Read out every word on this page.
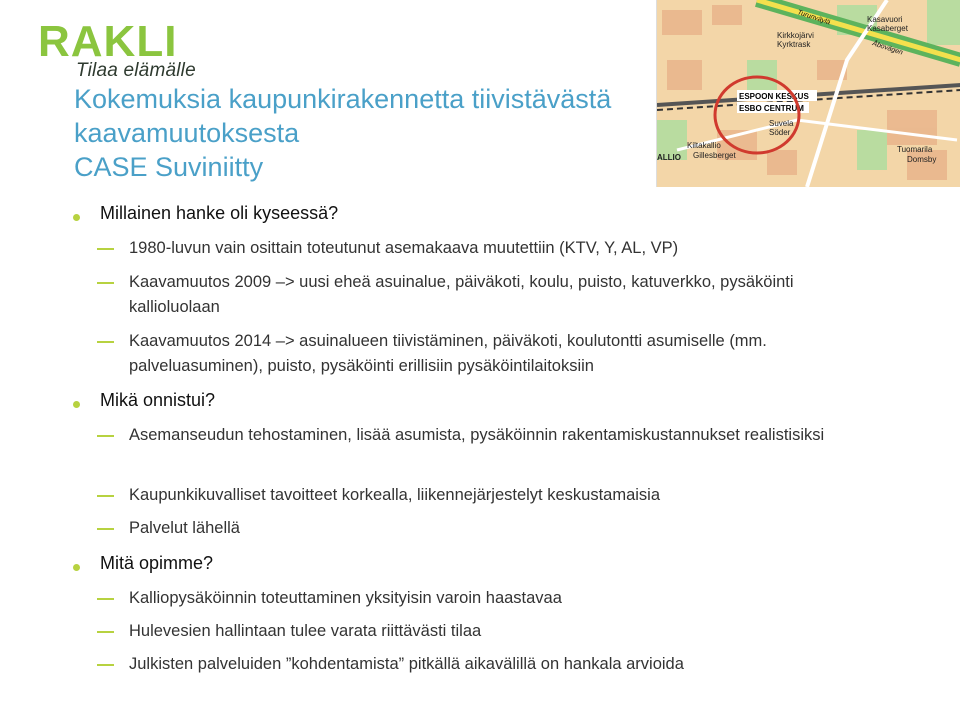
RAKLI
Tilaa elämälle
Kokemuksia kaupunkirakennetta tiivistävästä
kaavamuutoksesta
CASE Suviniitty
ESPOON KESKUS
ESBO CENTRUM
Kirkkojärvi
Kyrktrask
Kasavuori
Kasaberget
Suvela
Söder
Kiltakallio
Gillesberget
Tuomarila
Domsby
ALLIO
Turunväylä
Åbovägen
Millainen hanke oli kyseessä?
1980-luvun vain osittain toteutunut asemakaava muutettiin (KTV, Y, AL, VP)
Kaavamuutos 2009 –> uusi eheä asuinalue, päiväkoti, koulu, puisto, katuverkko, pysäköinti kallioluolaan
Kaavamuutos 2014 –> asuinalueen tiivistäminen, päiväkoti, koulutontti asumiselle (mm. palveluasuminen), puisto, pysäköinti erillisiin pysäköintilaitoksiin
Mikä onnistui?
Asemanseudun tehostaminen, lisää asumista, pysäköinnin rakentamiskustannukset realistisiksi
Kaupunkikuvalliset tavoitteet korkealla, liikennejärjestelyt keskustamaisia
Palvelut lähellä
Mitä opimme?
Kalliopysäköinnin toteuttaminen yksityisin varoin haastavaa
Hulevesien hallintaan tulee varata riittävästi tilaa
Julkisten palveluiden ”kohdentamista” pitkällä aikavälillä on hankala arvioida
